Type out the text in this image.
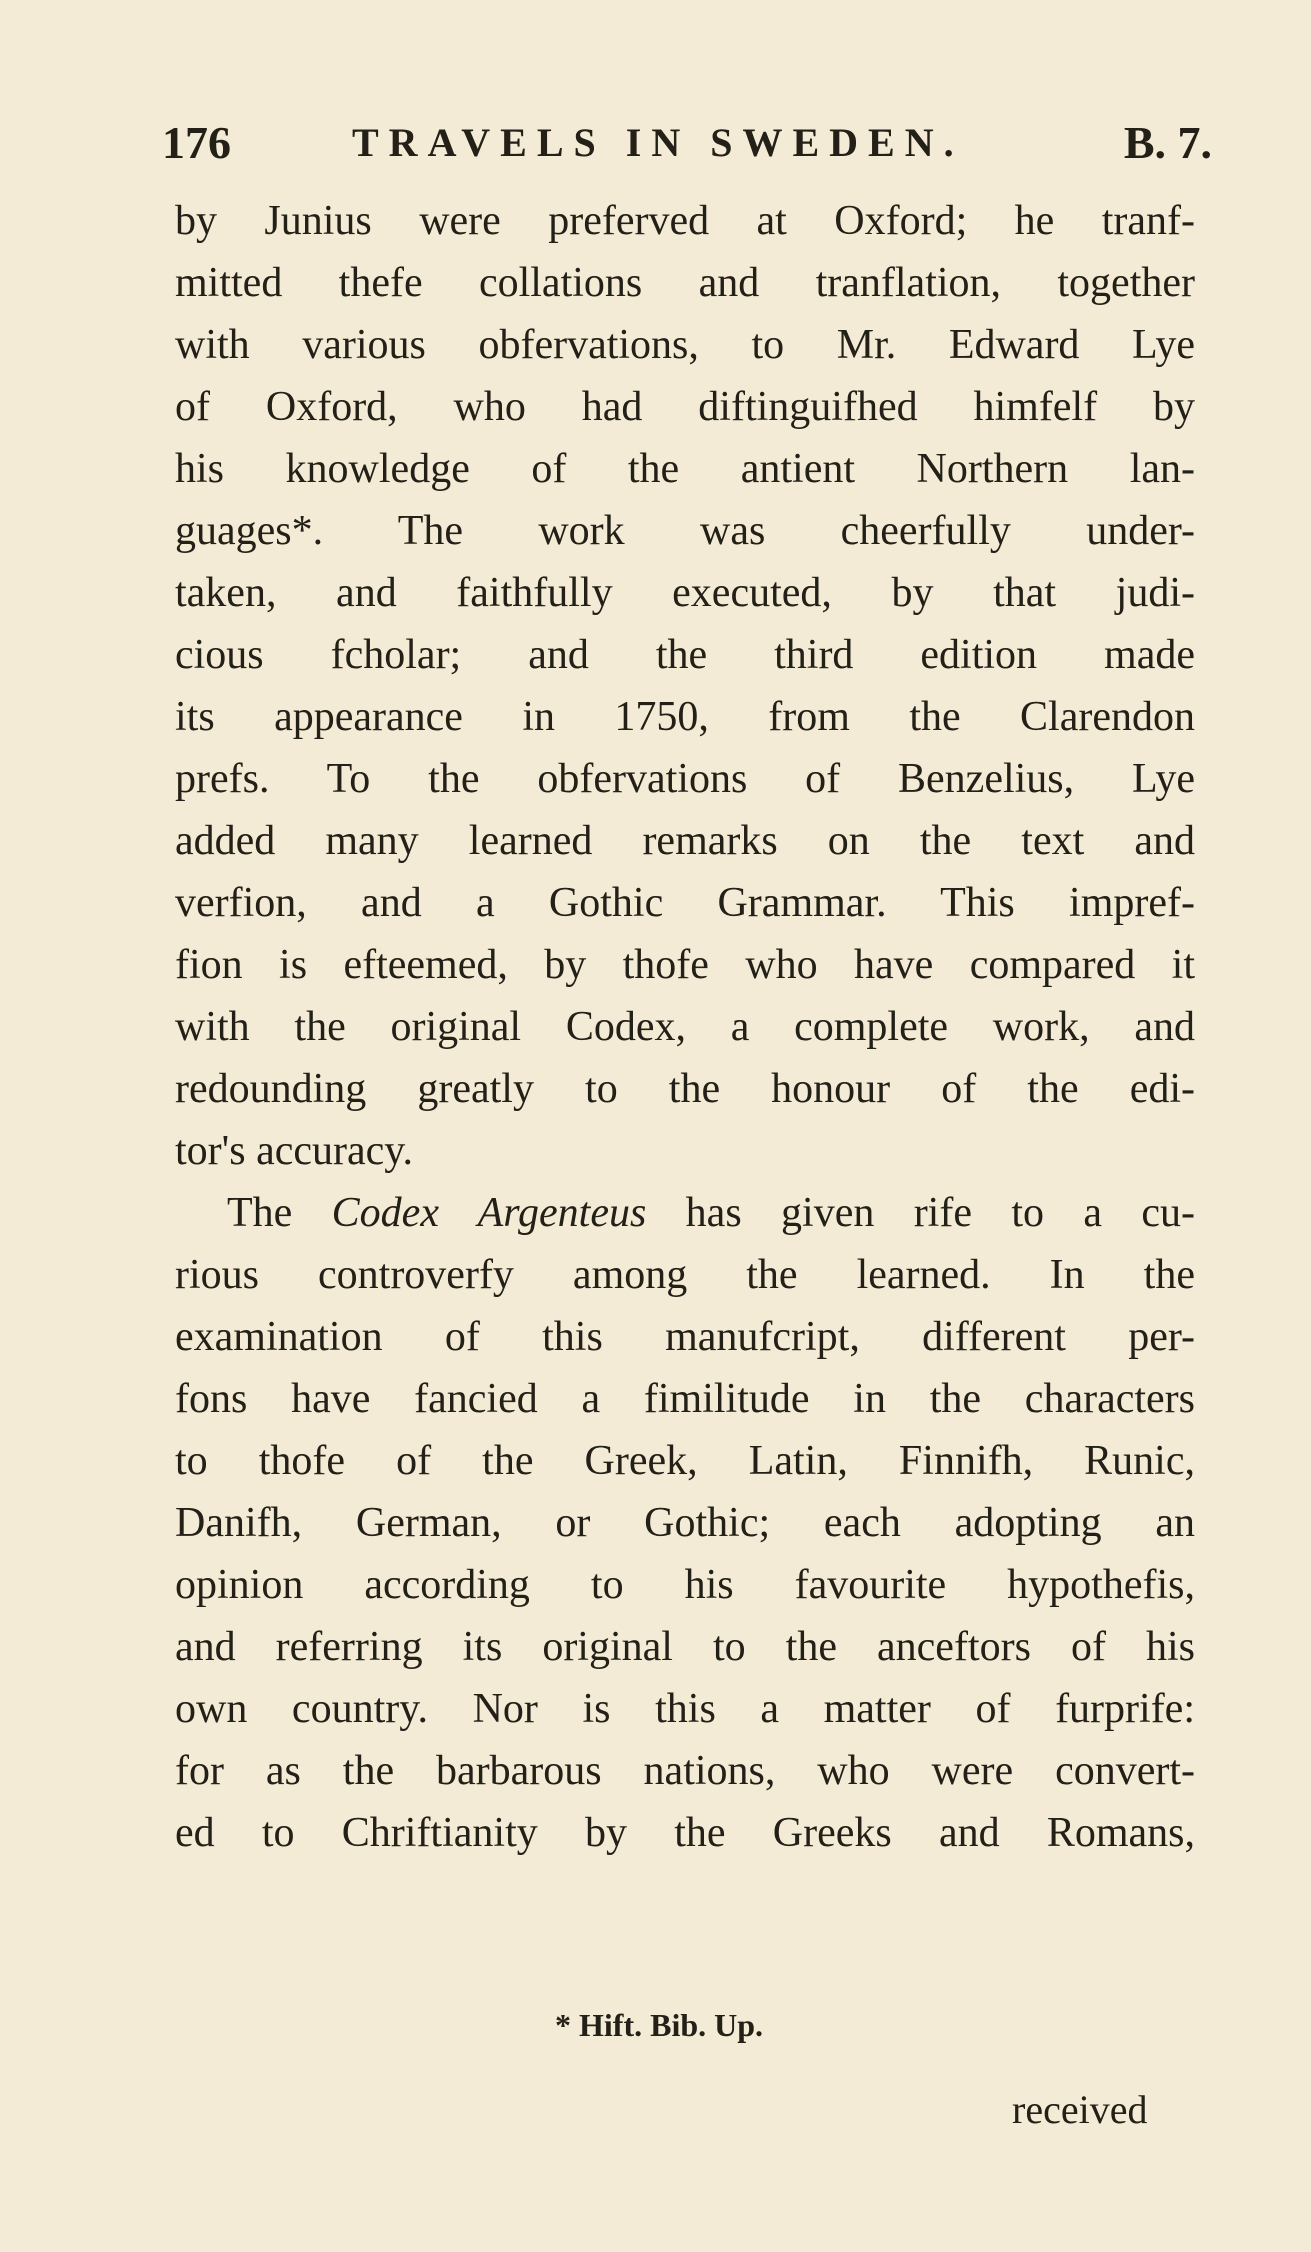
176	TRAVELS IN SWEDEN.	B. 7.
by Junius were preferved at Oxford; he tranf-
mitted thefe collations and tranflation, together
with various obfervations, to Mr. Edward Lye
of Oxford, who had diftinguifhed himfelf by
his knowledge of the antient Northern lan-
guages*. The work was cheerfully under-
taken, and faithfully executed, by that judi-
cious fcholar; and the third edition made
its appearance in 1750, from the Clarendon
prefs. To the obfervations of Benzelius, Lye
added many learned remarks on the text and
verfion, and a Gothic Grammar. This impref-
fion is efteemed, by thofe who have compared it
with the original Codex, a complete work, and
redounding greatly to the honour of the edi-
tor's accuracy.
The Codex Argenteus has given rife to a cu-
rious controverfy among the learned. In the
examination of this manufcript, different per-
fons have fancied a fimilitude in the characters
to thofe of the Greek, Latin, Finnifh, Runic,
Danifh, German, or Gothic; each adopting an
opinion according to his favourite hypothefis,
and referring its original to the anceftors of his
own country. Nor is this a matter of furprife:
for as the barbarous nations, who were convert-
ed to Chriftianity by the Greeks and Romans,
* Hift. Bib. Up.
received
